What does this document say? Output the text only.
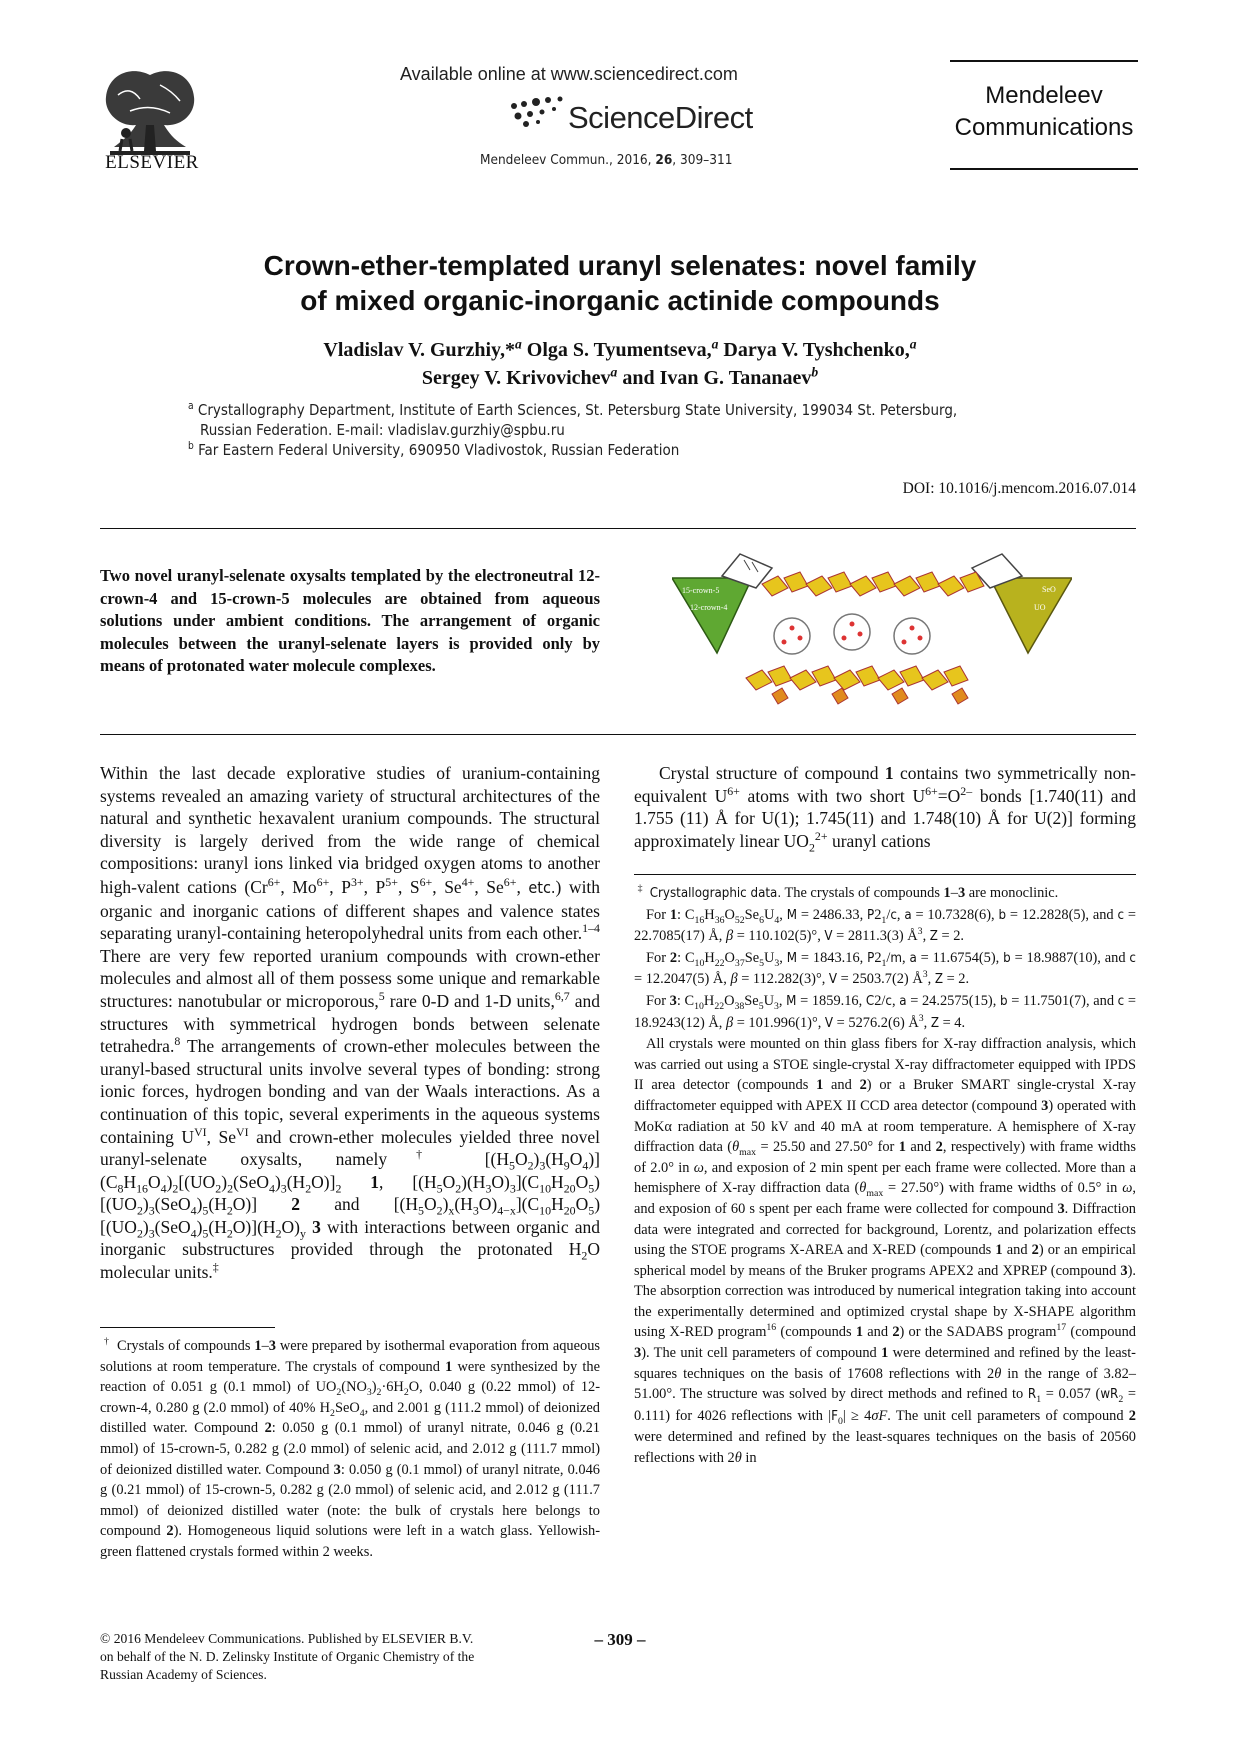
ELSEVIER
Available online at www.sciencedirect.com
ScienceDirect
Mendeleev Commun., 2016, 26, 309–311
Mendeleev
Communications
Crown-ether-templated uranyl selenates: novel family
of mixed organic-inorganic actinide compounds
Vladislav V. Gurzhiy,*$^a$ Olga S. Tyumentseva,$^a$ Darya V. Tyshchenko,$^a$
Sergey V. Krivovichev$^a$ and Ivan G. Tananaev$^b$
$^a$ Crystallography Department, Institute of Earth Sciences, St. Petersburg State University, 199034 St. Petersburg,
Russian Federation. E-mail: vladislav.gurzhiy@spbu.ru
$^b$ Far Eastern Federal University, 690950 Vladivostok, Russian Federation
DOI: 10.1016/j.mencom.2016.07.014
Two novel uranyl-selenate oxysalts templated by the electroneutral 12-crown-4 and 15-crown-5 molecules are obtained from aqueous solutions under ambient conditions. The arrangement of organic molecules between the uranyl-selenate layers is provided only by means of protonated water molecule complexes.
15-crown-5
12-crown-4
SeO
UO
Within the last decade explorative studies of uranium-containing systems revealed an amazing variety of structural architectures of the natural and synthetic hexavalent uranium compounds. The structural diversity is largely derived from the wide range of chemical compositions: uranyl ions linked via bridged oxygen atoms to another high-valent cations ($Cr^{6+}$, $Mo^{6+}$, $P^{3+}$, $P^{5+}$, $S^{6+}$, $Se^{4+}$, $Se^{6+}$, etc.) with organic and inorganic cations of different shapes and valence states separating uranyl-containing heteropolyhedral units from each other.$^{1-4}$ There are very few reported uranium compounds with crown-ether molecules and almost all of them possess some unique and remarkable structures: nanotubular or microporous,$^5$ rare 0-D and 1-D units,$^{6,7}$ and structures with symmetrical hydrogen bonds between selenate tetrahedra.$^8$ The arrangements of crown-ether molecules between the uranyl-based structural units involve several types of bonding: strong ionic forces, hydrogen bonding and van der Waals interactions. As a continuation of this topic, several experiments in the aqueous systems containing $U^{VI}$, $Se^{VI}$ and crown-ether molecules yielded three novel uranyl-selenate oxysalts, namely† $[(H_5O_2)_3(H_9O_4)](C_8H_{16}O_4)_2[(UO_2)_2(SeO_4)_3(H_2O)]_2$ 1, $[(H_5O_2)(H_3O)_3](C_{10}H_{20}O_5)[(UO_2)_3(SeO_4)_5(H_2O)]$ 2 and $[(H_5O_2)_x(H_3O)_{4-x}](C_{10}H_{20}O_5)[(UO_2)_3(SeO_4)_5(H_2O)](H_2O)_y$ 3 with interactions between organic and inorganic substructures provided through the protonated $H_2O$ molecular units.‡
†  Crystals of compounds 1–3 were prepared by isothermal evaporation from aqueous solutions at room temperature. The crystals of compound 1 were synthesized by the reaction of 0.051 g (0.1 mmol) of $UO_2(NO_3)_2\cdot 6H_2O$, 0.040 g (0.22 mmol) of 12-crown-4, 0.280 g (2.0 mmol) of 40% $H_2SeO_4$, and 2.001 g (111.2 mmol) of deionized distilled water. Compound 2: 0.050 g (0.1 mmol) of uranyl nitrate, 0.046 g (0.21 mmol) of 15-crown-5, 0.282 g (2.0 mmol) of selenic acid, and 2.012 g (111.7 mmol) of deionized distilled water. Compound 3: 0.050 g (0.1 mmol) of uranyl nitrate, 0.046 g (0.21 mmol) of 15-crown-5, 0.282 g (2.0 mmol) of selenic acid, and 2.012 g (111.7 mmol) of deionized distilled water (note: the bulk of crystals here belongs to compound 2). Homogeneous liquid solutions were left in a watch glass. Yellowish-green flattened crystals formed within 2 weeks.
Crystal structure of compound 1 contains two symmetrically non-equivalent $U^{6+}$ atoms with two short $U^{6+}=O^{2-}$ bonds [1.740(11) and 1.755 (11) Å for U(1); 1.745(11) and 1.748(10) Å for U(2)] forming approximately linear $UO_2^{2+}$ uranyl cations
‡ Crystallographic data. The crystals of compounds 1–3 are monoclinic.
For 1: $C_{16}H_{36}O_{52}Se_6U_4$, M = 2486.33, $P2_1/c$, a = 10.7328(6), b = 12.2828(5), and c = 22.7085(17) Å, β = 110.102(5)°, V = 2811.3(3) $Å^3$, Z = 2.
For 2: $C_{10}H_{22}O_{37}Se_5U_3$, M = 1843.16, $P2_1/m$, a = 11.6754(5), b = 18.9887(10), and c = 12.2047(5) Å, β = 112.282(3)°, V = 2503.7(2) $Å^3$, Z = 2.
For 3: $C_{10}H_{22}O_{38}Se_5U_3$, M = 1859.16, C2/c, a = 24.2575(15), b = 11.7501(7), and c = 18.9243(12) Å, β = 101.996(1)°, V = 5276.2(6) $Å^3$, Z = 4.
All crystals were mounted on thin glass fibers for X-ray diffraction analysis, which was carried out using a STOE single-crystal X-ray diffractometer equipped with IPDS II area detector (compounds 1 and 2) or a Bruker SMART single-crystal X-ray diffractometer equipped with APEX II CCD area detector (compound 3) operated with MoKα radiation at 50 kV and 40 mA at room temperature. A hemisphere of X-ray diffraction data ($\theta_{max} = 25.50$ and 27.50° for 1 and 2, respectively) with frame widths of 2.0° in ω, and exposion of 2 min spent per each frame were collected. More than a hemisphere of X-ray diffraction data $(\theta_{max} = 27.50^\circ)$ with frame widths of 0.5° in ω, and exposion of 60 s spent per each frame were collected for compound 3. Diffraction data were integrated and corrected for background, Lorentz, and polarization effects using the STOE programs X-AREA and X-RED (compounds 1 and 2) or an empirical spherical model by means of the Bruker programs APEX2 and XPREP (compound 3). The absorption correction was introduced by numerical integration taking into account the experimentally determined and optimized crystal shape by X-SHAPE algorithm using X-RED program$^{16}$ (compounds 1 and 2) or the SADABS program$^{17}$ (compound 3). The unit cell parameters of compound 1 were determined and refined by the least-squares techniques on the basis of 17608 reflections with 2θ in the range of 3.82–51.00°. The structure was solved by direct methods and refined to $R_1 = 0.057$ $(wR_2 = 0.111)$ for 4026 reflections with $|F_0| \ge 4\sigma F$. The unit cell parameters of compound 2 were determined and refined by the least-squares techniques on the basis of 20560 reflections with 2θ in
© 2016 Mendeleev Communications. Published by ELSEVIER B.V.
on behalf of the N. D. Zelinsky Institute of Organic Chemistry of the
Russian Academy of Sciences.
– 309 –
